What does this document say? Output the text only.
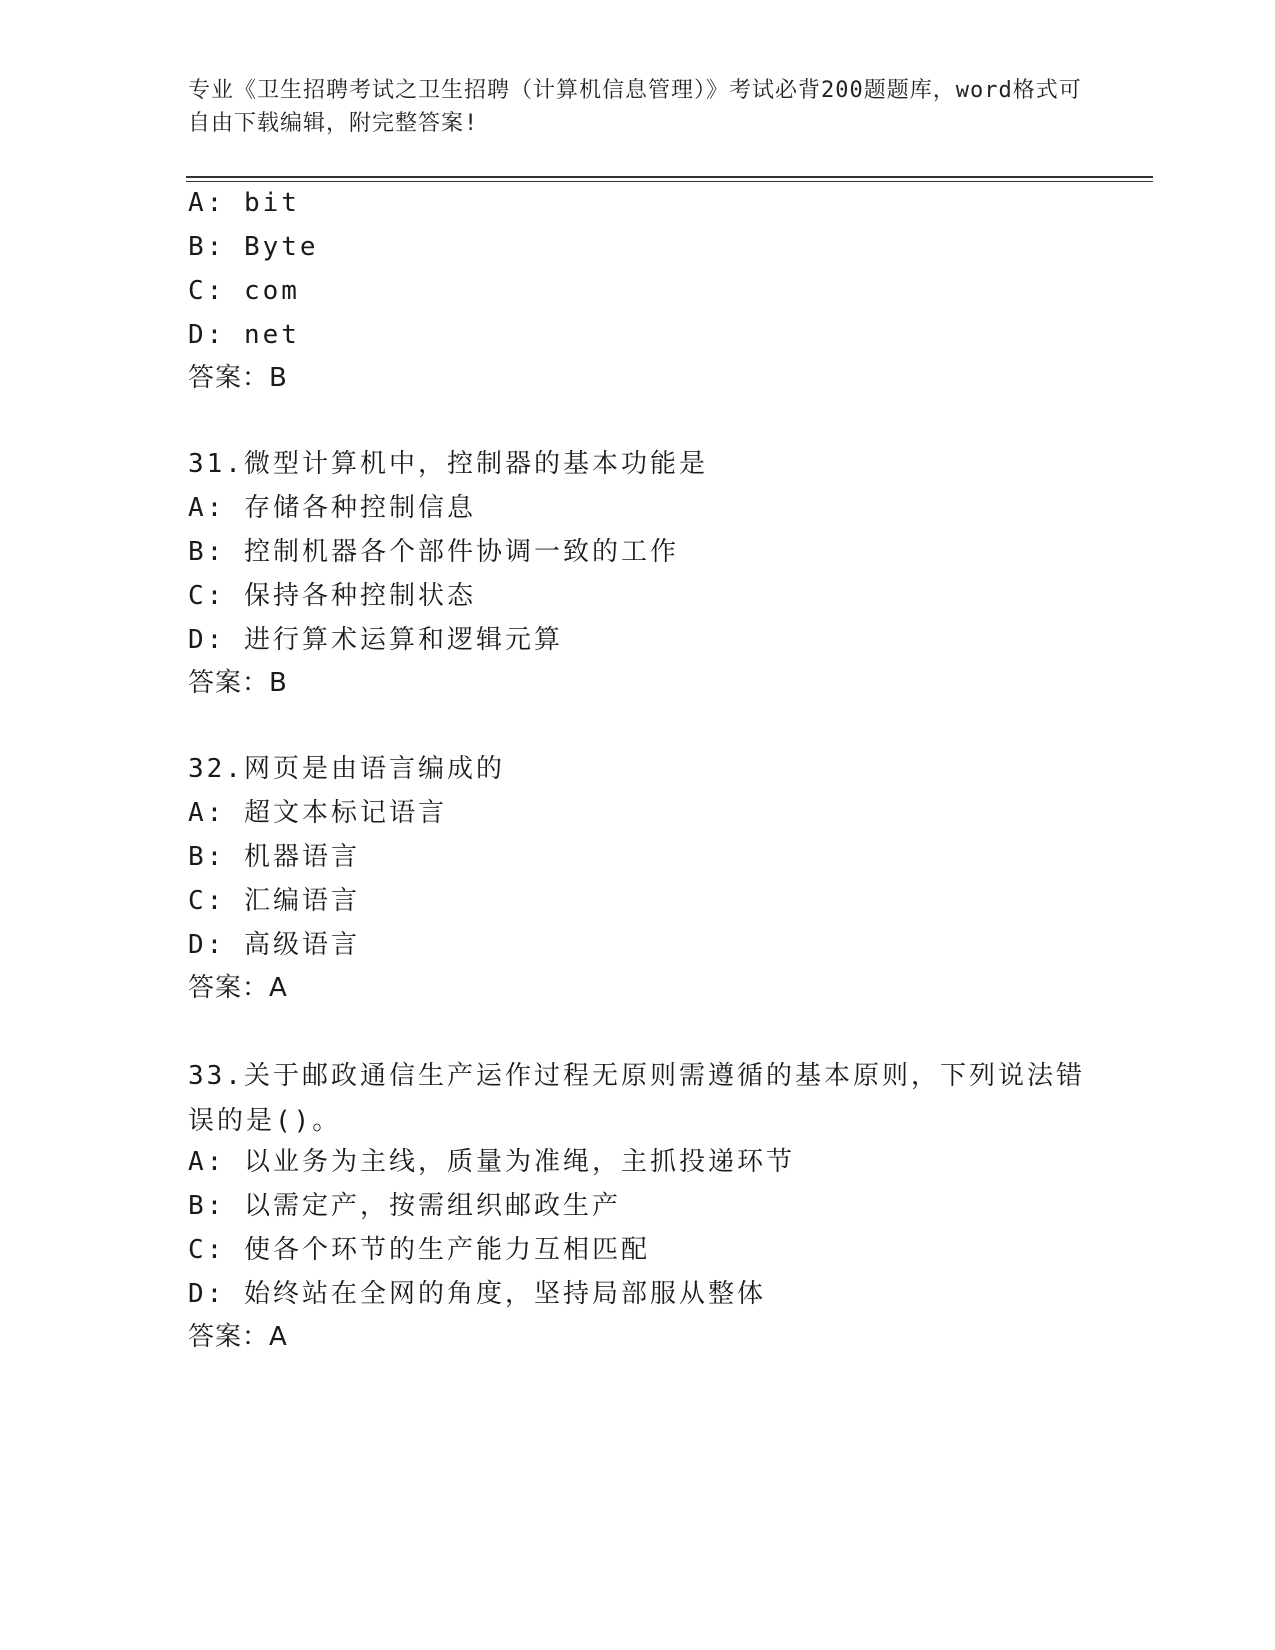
专业《卫生招聘考试之卫生招聘（计算机信息管理）》考试必背200题题库，word格式可自由下载编辑，附完整答案!
A: bit
B: Byte
C: com
D: net
答案：B
31.微型计算机中，控制器的基本功能是
A: 存储各种控制信息
B: 控制机器各个部件协调一致的工作
C: 保持各种控制状态
D: 进行算术运算和逻辑元算
答案：B
32.网页是由语言编成的
A: 超文本标记语言
B: 机器语言
C: 汇编语言
D: 高级语言
答案：A
33.关于邮政通信生产运作过程无原则需遵循的基本原则，下列说法错误的是()。
A: 以业务为主线，质量为准绳，主抓投递环节
B: 以需定产，按需组织邮政生产
C: 使各个环节的生产能力互相匹配
D: 始终站在全网的角度，坚持局部服从整体
答案：A
